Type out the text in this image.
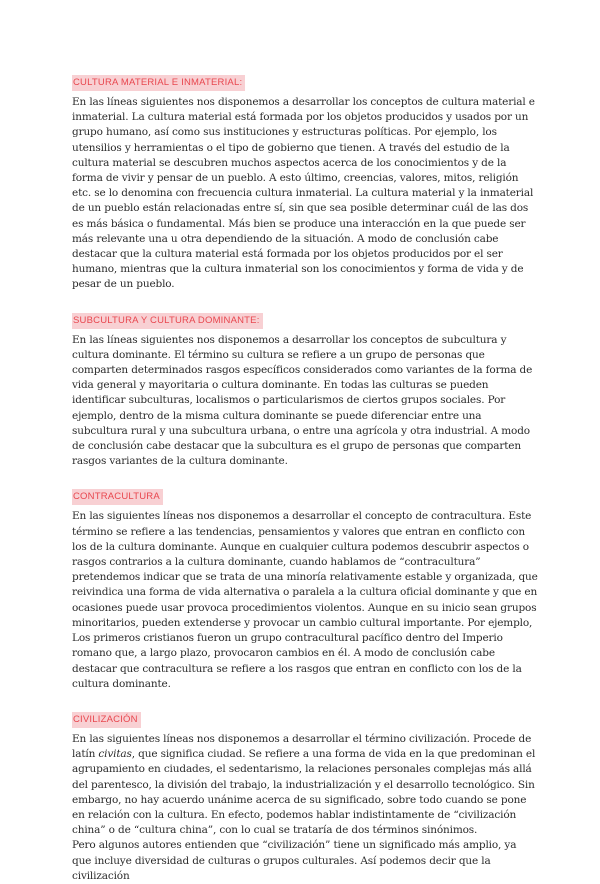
CULTURA MATERIAL E INMATERIAL:

En las líneas siguientes nos disponemos a desarrollar los conceptos de cultura material e inmaterial. La cultura material está formada por los objetos producidos y usados por un grupo humano, así como sus instituciones y estructuras políticas. Por ejemplo, los utensilios y herramientas o el tipo de gobierno que tienen. A través del estudio de la cultura material se descubren muchos aspectos acerca de los conocimientos y de la forma de vivir y pensar de un pueblo. A esto último, creencias, valores, mitos, religión etc. se lo denomina con frecuencia cultura inmaterial. La cultura material y la inmaterial de un pueblo están relacionadas entre sí, sin que sea posible determinar cuál de las dos es más básica o fundamental. Más bien se produce una interacción en la que puede ser más relevante una u otra dependiendo de la situación. A modo de conclusión cabe destacar que la cultura material está formada por los objetos producidos por el ser humano, mientras que la cultura inmaterial son los conocimientos y forma de vida y de pesar de un pueblo.

SUBCULTURA Y CULTURA DOMINANTE:

En las líneas siguientes nos disponemos a desarrollar los conceptos de subcultura y cultura dominante. El término su cultura se refiere a un grupo de personas que comparten determinados rasgos específicos considerados como variantes de la forma de vida general y mayoritaria o cultura dominante. En todas las culturas se pueden identificar subculturas, localismos o particularismos de ciertos grupos sociales. Por ejemplo, dentro de la misma cultura dominante se puede diferenciar entre una subcultura rural y una subcultura urbana, o entre una agrícola y otra industrial. A modo de conclusión cabe destacar que la subcultura es el grupo de personas que comparten rasgos variantes de la cultura dominante.

CONTRACULTURA

En las siguientes líneas nos disponemos a desarrollar el concepto de contracultura. Este término se refiere a las tendencias, pensamientos y valores que entran en conflicto con los de la cultura dominante. Aunque en cualquier cultura podemos descubrir aspectos o rasgos contrarios a la cultura dominante, cuando hablamos de “contracultura” pretendemos indicar que se trata de una minoría relativamente estable y organizada, que reivindica una forma de vida alternativa o paralela a la cultura oficial dominante y que en ocasiones puede usar provoca procedimientos violentos. Aunque en su inicio sean grupos minoritarios, pueden extenderse y provocar un cambio cultural importante. Por ejemplo, Los primeros cristianos fueron un grupo contracultural pacífico dentro del Imperio romano que, a largo plazo, provocaron cambios en él. A modo de conclusión cabe destacar que contracultura se refiere a los rasgos que entran en conflicto con los de la cultura dominante.

CIVILIZACIÓN

En las siguientes líneas nos disponemos a desarrollar el término civilización. Procede de latín civitas, que significa ciudad. Se refiere a una forma de vida en la que predominan el agrupamiento en ciudades, el sedentarismo, la relaciones personales complejas más allá del parentesco, la división del trabajo, la industrialización y el desarrollo tecnológico. Sin embargo, no hay acuerdo unánime acerca de su significado, sobre todo cuando se pone en relación con la cultura. En efecto, podemos hablar indistintamente de “civilización china” o de “cultura china”, con lo cual se trataría de dos términos sinónimos.

Pero algunos autores entienden que “civilización” tiene un significado más amplio, ya que incluye diversidad de culturas o grupos culturales. Así podemos decir que la civilización
